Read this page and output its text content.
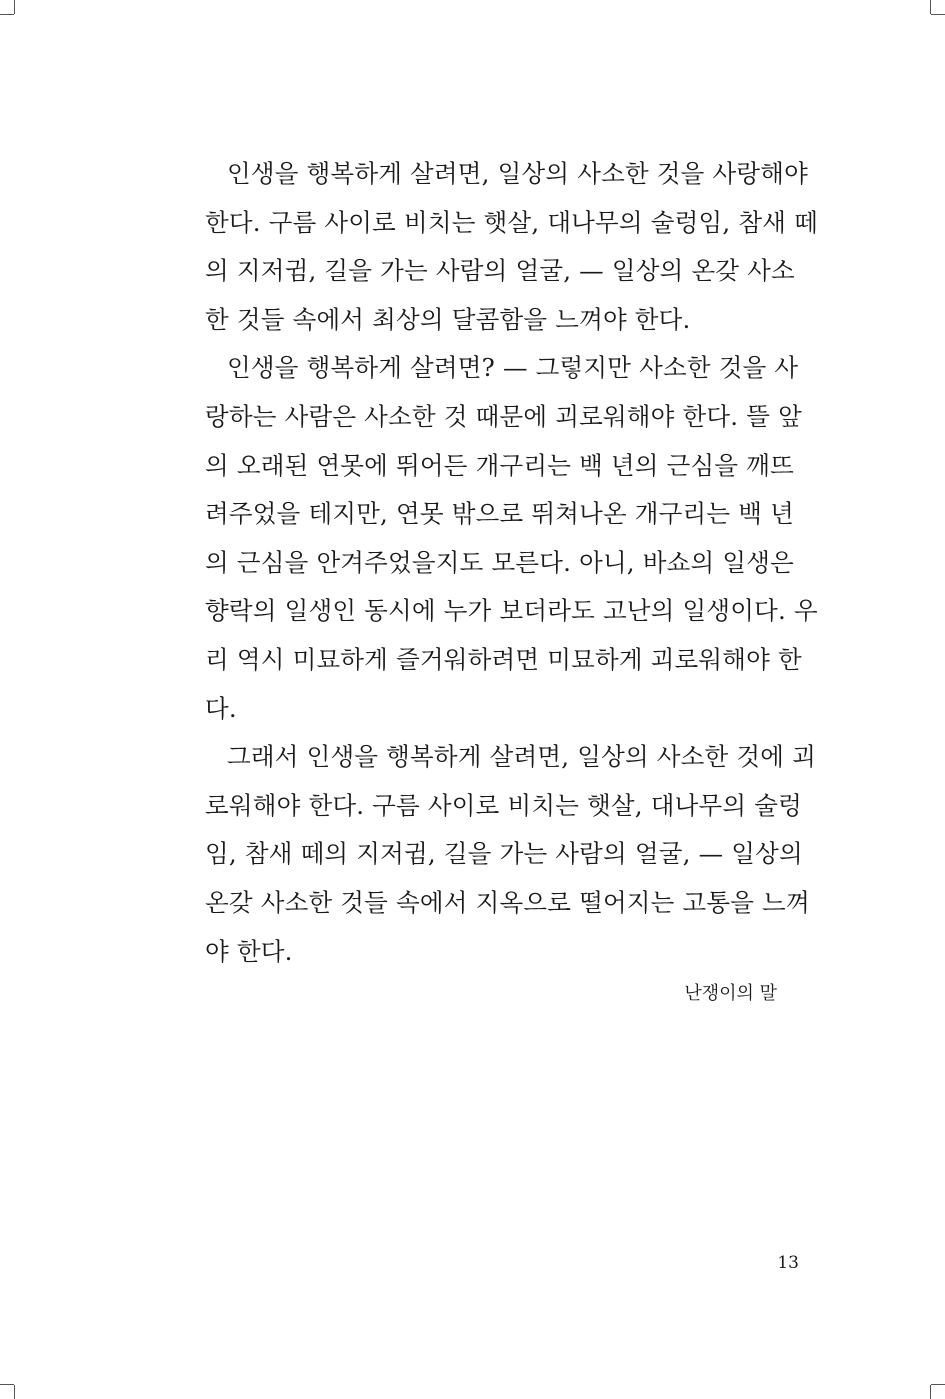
인생을 행복하게 살려면, 일상의 사소한 것을 사랑해야
한다. 구름 사이로 비치는 햇살, 대나무의 술렁임, 참새 떼
의 지저귐, 길을 가는 사람의 얼굴, — 일상의 온갖 사소
한 것들 속에서 최상의 달콤함을 느껴야 한다.
인생을 행복하게 살려면? — 그렇지만 사소한 것을 사
랑하는 사람은 사소한 것 때문에 괴로워해야 한다. 뜰 앞
의 오래된 연못에 뛰어든 개구리는 백 년의 근심을 깨뜨
려주었을 테지만, 연못 밖으로 뛰쳐나온 개구리는 백 년
의 근심을 안겨주었을지도 모른다. 아니, 바쇼의 일생은
향락의 일생인 동시에 누가 보더라도 고난의 일생이다. 우
리 역시 미묘하게 즐거워하려면 미묘하게 괴로워해야 한
다.
그래서 인생을 행복하게 살려면, 일상의 사소한 것에 괴
로워해야 한다. 구름 사이로 비치는 햇살, 대나무의 술렁
임, 참새 떼의 지저귐, 길을 가는 사람의 얼굴, — 일상의
온갖 사소한 것들 속에서 지옥으로 떨어지는 고통을 느껴
야 한다.
난쟁이의 말
13
